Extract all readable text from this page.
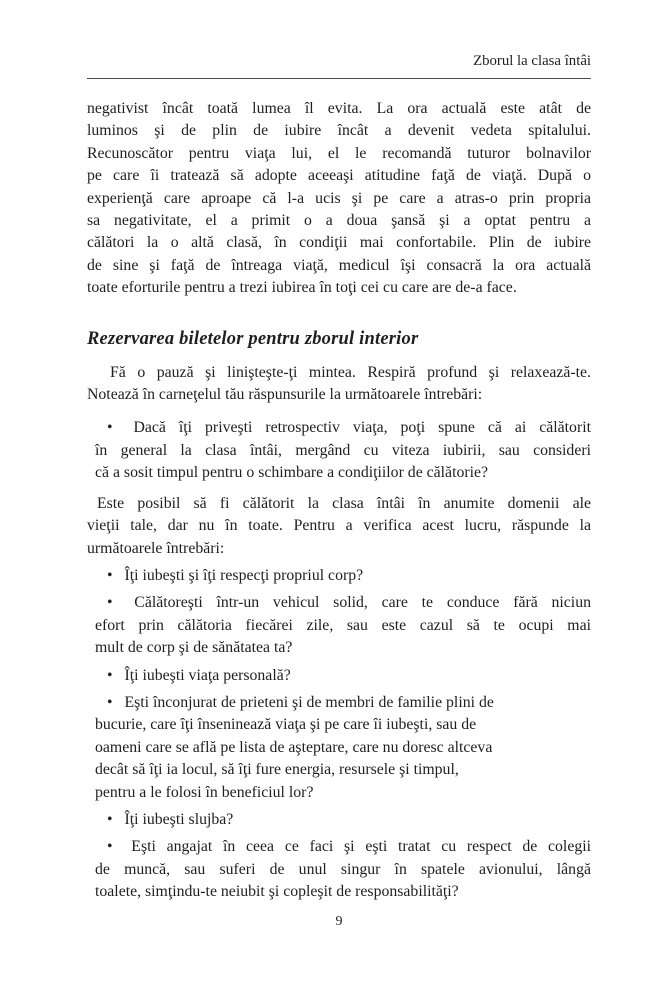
Zborul la clasa întâi
negativist încât toată lumea îl evita. La ora actuală este atât de
luminos şi de plin de iubire încât a devenit vedeta spitalului.
Recunoscător pentru viaţa lui, el le recomandă tuturor bolnavilor
pe care îi tratează să adopte aceeaşi atitudine faţă de viaţă. După o
experienţă care aproape că l-a ucis şi pe care a atras-o prin propria
sa negativitate, el a primit o a doua şansă şi a optat pentru a
călători la o altă clasă, în condiţii mai confortabile. Plin de iubire
de sine şi faţă de întreaga viaţă, medicul îşi consacră la ora actuală
toate eforturile pentru a trezi iubirea în toţi cei cu care are de-a face.
Rezervarea biletelor pentru zborul interior
Fă o pauză şi linişteşte-ţi mintea. Respiră profund şi relaxează-te.
Notează în carneţelul tău răspunsurile la următoarele întrebări:
• Dacă îţi priveşti retrospectiv viaţa, poţi spune că ai călătorit
în general la clasa întâi, mergând cu viteza iubirii, sau consideri
că a sosit timpul pentru o schimbare a condiţiilor de călătorie?
Este posibil să fi călătorit la clasa întâi în anumite domenii ale
vieţii tale, dar nu în toate. Pentru a verifica acest lucru, răspunde la
următoarele întrebări:
• Îţi iubeşti şi îţi respecţi propriul corp?
• Călătoreşti într-un vehicul solid, care te conduce fără niciun
efort prin călătoria fiecărei zile, sau este cazul să te ocupi mai
mult de corp şi de sănătatea ta?
• Îţi iubeşti viaţa personală?
• Eşti înconjurat de prieteni şi de membri de familie plini de
bucurie, care îţi înseninează viaţa şi pe care îi iubeşti, sau de
oameni care se află pe lista de aşteptare, care nu doresc altceva
decât să îţi ia locul, să îţi fure energia, resursele şi timpul,
pentru a le folosi în beneficiul lor?
• Îţi iubeşti slujba?
• Eşti angajat în ceea ce faci şi eşti tratat cu respect de colegii
de muncă, sau suferi de unul singur în spatele avionului, lângă
toalete, simţindu-te neiubit şi copleşit de responsabilităţi?
9
